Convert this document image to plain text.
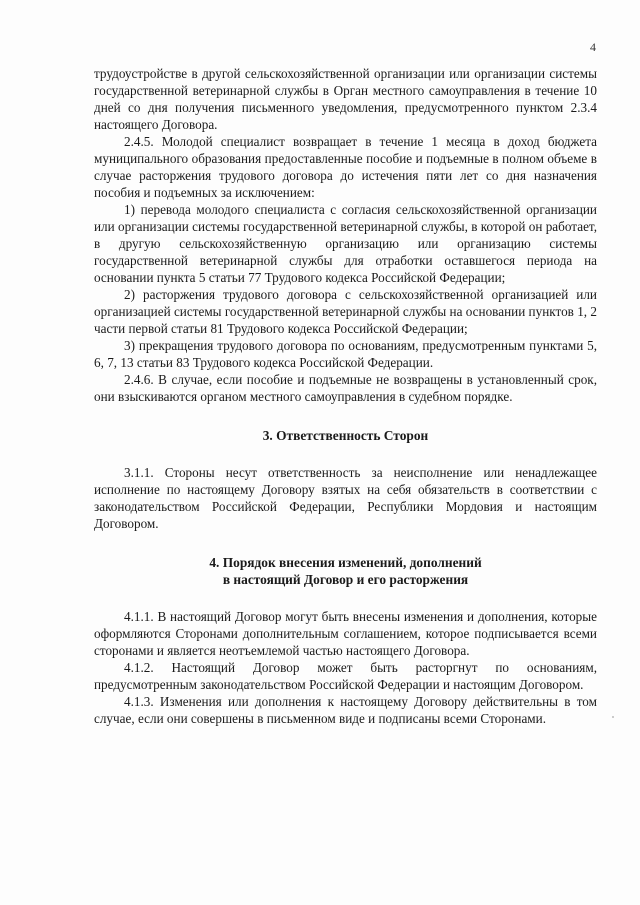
4

трудоустройстве в другой сельскохозяйственной организации или организации системы государственной ветеринарной службы в Орган местного самоуправления в течение 10 дней со дня получения письменного уведомления, предусмотренного пунктом 2.3.4 настоящего Договора.

2.4.5. Молодой специалист возвращает в течение 1 месяца в доход бюджета муниципального образования предоставленные пособие и подъемные в полном объеме в случае расторжения трудового договора до истечения пяти лет со дня назначения пособия и подъемных за исключением:

1) перевода молодого специалиста с согласия сельскохозяйственной организации или организации системы государственной ветеринарной службы, в которой он работает, в другую сельскохозяйственную организацию или организацию системы государственной ветеринарной службы для отработки оставшегося периода на основании пункта 5 статьи 77 Трудового кодекса Российской Федерации;

2) расторжения трудового договора с сельскохозяйственной организацией или организацией системы государственной ветеринарной службы на основании пунктов 1, 2 части первой статьи 81 Трудового кодекса Российской Федерации;

3) прекращения трудового договора по основаниям, предусмотренным пунктами 5, 6, 7, 13 статьи 83 Трудового кодекса Российской Федерации.

2.4.6. В случае, если пособие и подъемные не возвращены в установленный срок, они взыскиваются органом местного самоуправления в судебном порядке.

3. Ответственность Сторон

3.1.1. Стороны несут ответственность за неисполнение или ненадлежащее исполнение по настоящему Договору взятых на себя обязательств в соответствии с законодательством Российской Федерации, Республики Мордовия и настоящим Договором.

4. Порядок внесения изменений, дополнений

в настоящий Договор и его расторжения

4.1.1. В настоящий Договор могут быть внесены изменения и дополнения, которые оформляются Сторонами дополнительным соглашением, которое подписывается всеми сторонами и является неотъемлемой частью настоящего Договора.

4.1.2. Настоящий Договор может быть расторгнут по основаниям, предусмотренным законодательством Российской Федерации и настоящим Договором.

4.1.3. Изменения или дополнения к настоящему Договору действительны в том случае, если они совершены в письменном виде и подписаны всеми Сторонами.
